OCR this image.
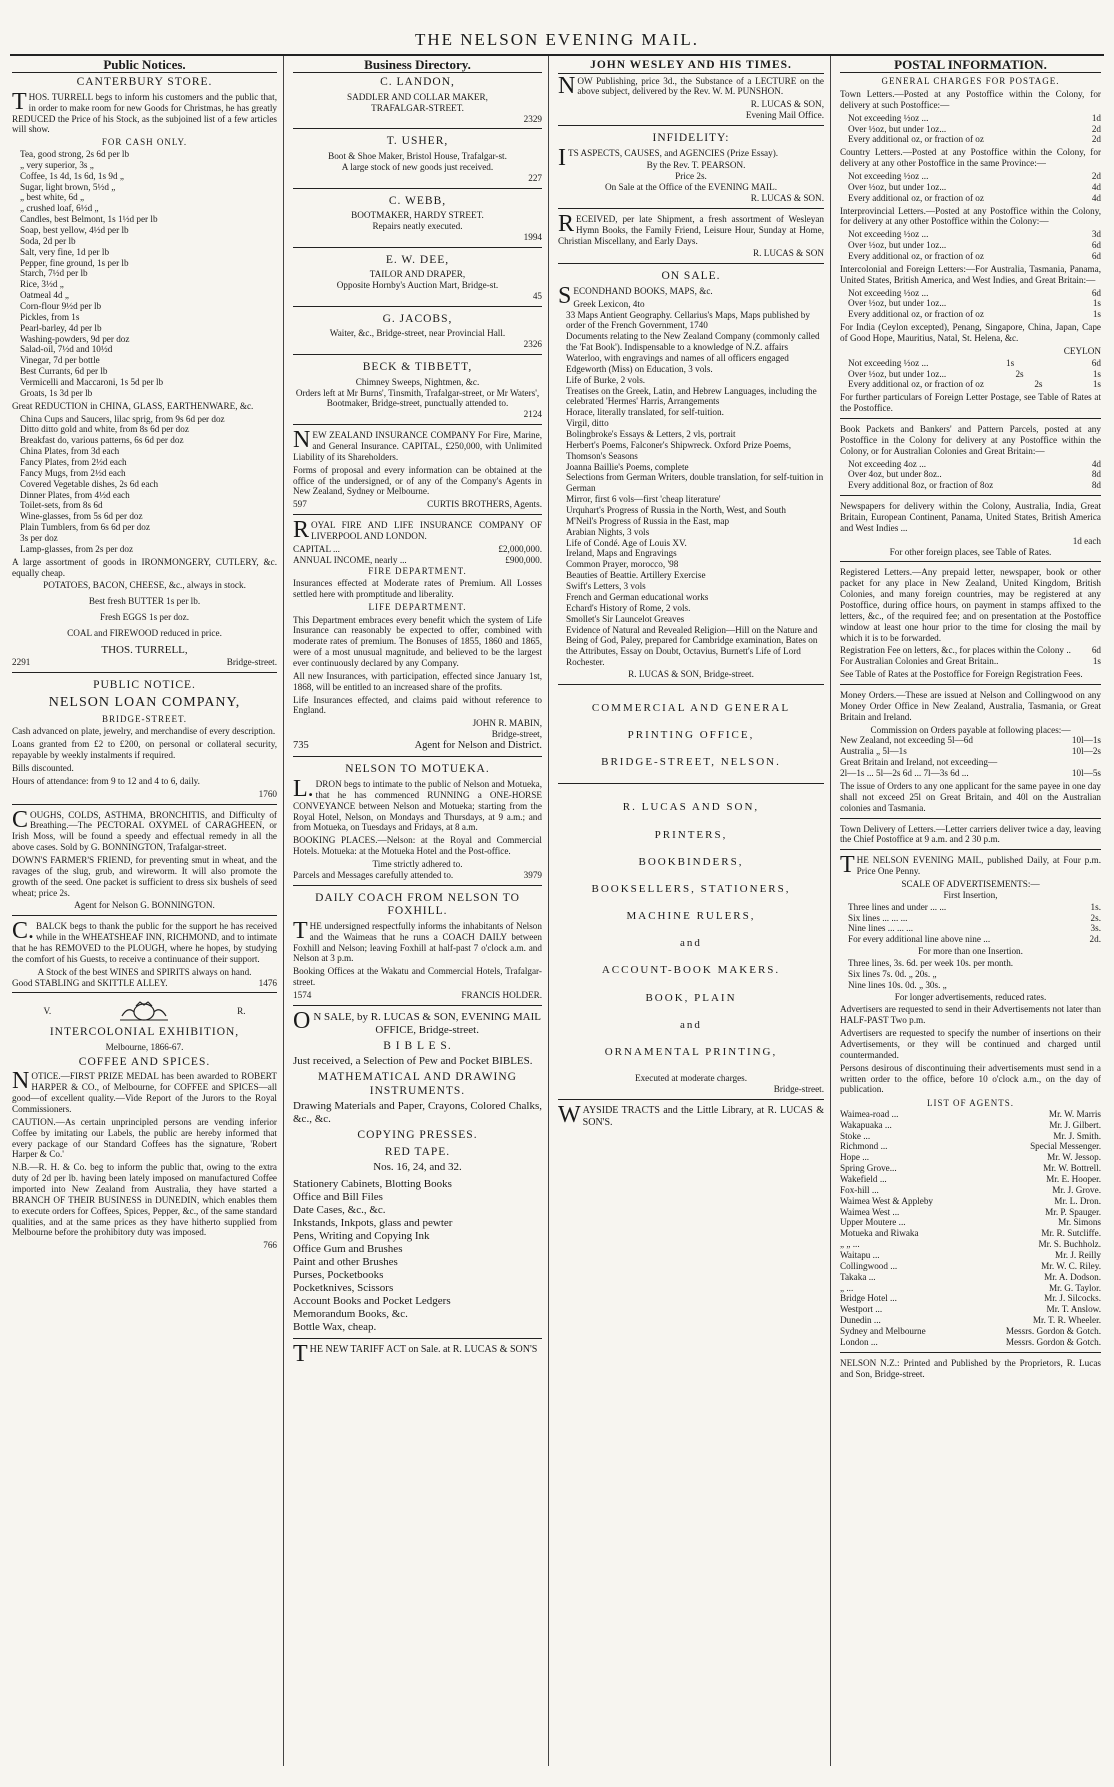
THE NELSON EVENING MAIL.
Public Notices.
CANTERBURY STORE.

THOS. TURRELL begs to inform his customers and the public that, in order to make room for new Goods for Christmas, he has greatly REDUCED the Price of his Stock, as the subjoined list of a few articles will show.

FOR CASH ONLY.
Tea, good strong, 2s 6d per lb
„ very superior, 3s „
Coffee, 1s 4d, 1s 6d, 1s 9d „
Sugar, light brown, 5½d „
„ best white, 6d „
„ crushed loaf, 6½d „
Candles, best Belmont, 1s 1½d per lb
Soap, best yellow, 4½d per lb
Soda, 2d per lb
Salt, very fine, 1d per lb
Pepper, fine ground, 1s per lb
Starch, 7½d per lb
Rice, 3½d „
Oatmeal 4d „
Corn-flour 9½d per lb
Pickles, from 1s
Pearl-barley, 4d per lb
Washing-powders, 9d per doz
Salad-oil, 7½d and 10½d
Vinegar, 7d per bottle
Best Currants, 6d per lb
Vermicelli and Maccaroni, 1s 5d per lb
Groats, 1s 3d per lb

Great REDUCTION in CHINA, GLASS, EARTHENWARE, &c.

China Cups and Saucers, lilac sprig, from 9s 6d per doz
Ditto ditto gold and white, from 8s 6d per doz
Breakfast do, various patterns, 6s 6d per doz
China Plates, from 3d each
Fancy Plates, from 2½d each
Fancy Mugs, from 2½d each
Covered Vegetable dishes, 2s 6d each
Dinner Plates, from 4½d each
Toilet-sets, from 8s 6d
Wine-glasses, from 5s 6d per doz
Plain Tumblers, from 6s 6d per doz
3s per doz
Lamp-glasses, from 2s per doz

A large assortment of goods in IRONMONGERY, CUTLERY, &c. equally cheap.

POTATOES, BACON, CHEESE, &c., always in stock.
Best fresh BUTTER 1s per lb.
Fresh EGGS 1s per doz.
COAL and FIREWOOD reduced in price.
THOS. TURRELL,
2291	Bridge-street.
PUBLIC NOTICE.
NELSON LOAN COMPANY,
BRIDGE-STREET.

Cash advanced on plate, jewelry, and merchandise of every description.

Loans granted from £2 to £200, on personal or collateral security, repayable by weekly instalments if required.

Bills discounted.

Hours of attendance: from 9 to 12 and 4 to 6, daily.

1760

COUGHS, COLDS, ASTHMA, BRONCHITIS, and Difficulty of Breathing.—The PECTORAL OXYMEL of CARAGHEEN, or Irish Moss, will be found a speedy and effectual remedy in all the above cases. Sold by G. BONNINGTON, Trafalgar-street.

DOWN'S FARMER'S FRIEND, for preventing smut in wheat, and the ravages of the slug, grub, and wireworm. It will also promote the growth of the seed. One packet is sufficient to dress six bushels of seed wheat; price 2s.

Agent for Nelson G. BONNINGTON.

C.BALCK begs to thank the public for the support he has received while in the WHEATSHEAF INN, RICHMOND, and to intimate that he has REMOVED to the PLOUGH, where he hopes, by studying the comfort of his Guests, to receive a continuance of their support.

A Stock of the best WINES and SPIRITS always on hand.
Good STABLING and SKITTLE ALLEY.	1476
V.	R.
INTERCOLONIAL EXHIBITION,
Melbourne, 1866-67.
COFFEE AND SPICES.

NOTICE.—FIRST PRIZE MEDAL has been awarded to ROBERT HARPER & CO., of Melbourne, for COFFEE and SPICES—all good—of excellent quality.—Vide Report of the Jurors to the Royal Commissioners.

CAUTION.—As certain unprincipled persons are vending inferior Coffee by imitating our Labels, the public are hereby informed that every package of our Standard Coffees has the signature, 'Robert Harper & Co.'

N.B.—R. H. & Co. beg to inform the public that, owing to the extra duty of 2d per lb. having been lately imposed on manufactured Coffee imported into New Zealand from Australia, they have started a BRANCH OF THEIR BUSINESS in DUNEDIN, which enables them to execute orders for Coffees, Spices, Pepper, &c., of the same standard qualities, and at the same prices as they have hitherto supplied from Melbourne before the prohibitory duty was imposed.

766
Business Directory.
C. LANDON,
SADDLER AND COLLAR MAKER,
TRAFALGAR-STREET.
2329
T. USHER,
Boot & Shoe Maker, Bristol House, Trafalgar-st.
A large stock of new goods just received.
227
C. WEBB,
BOOTMAKER, HARDY STREET.
Repairs neatly executed.
1994
E. W. DEE,
TAILOR AND DRAPER,
Opposite Hornby's Auction Mart, Bridge-st.
45
G. JACOBS,
Waiter, &c., Bridge-street, near Provincial Hall.
2326
BECK & TIBBETT,
Chimney Sweeps, Nightmen, &c.
Orders left at Mr Burns', Tinsmith, Trafalgar-street, or Mr Waters', Bootmaker, Bridge-street, punctually attended to.
2124

NEW ZEALAND INSURANCE COMPANY For Fire, Marine, and General Insurance. CAPITAL, £250,000, with Unlimited Liability of its Shareholders.

Forms of proposal and every information can be obtained at the office of the undersigned, or of any of the Company's Agents in New Zealand, Sydney or Melbourne.

597	CURTIS BROTHERS, Agents.

ROYAL FIRE AND LIFE INSURANCE COMPANY OF LIVERPOOL AND LONDON.

CAPITAL ...	£2,000,000.
ANNUAL INCOME, nearly ...	£900,000.
FIRE DEPARTMENT.

Insurances effected at Moderate rates of Premium. All Losses settled here with promptitude and liberality.

LIFE DEPARTMENT.

This Department embraces every benefit which the system of Life Insurance can reasonably be expected to offer, combined with moderate rates of premium. The Bonuses of 1855, 1860 and 1865, were of a most unusual magnitude, and believed to be the largest ever continuously declared by any Company.

All new Insurances, with participation, effected since January 1st, 1868, will be entitled to an increased share of the profits.

Life Insurances effected, and claims paid without reference to England.

JOHN R. MABIN,
Bridge-street,
735	Agent for Nelson and District.
NELSON TO MOTUEKA.

L.DRON begs to intimate to the public of Nelson and Motueka, that he has commenced RUNNING a ONE-HORSE CONVEYANCE between Nelson and Motueka; starting from the Royal Hotel, Nelson, on Mondays and Thursdays, at 9 a.m.; and from Motueka, on Tuesdays and Fridays, at 8 a.m.

BOOKING PLACES.—Nelson: at the Royal and Commercial Hotels. Motueka: at the Motueka Hotel and the Post-office.

Time strictly adhered to.
Parcels and Messages carefully attended to.	3979
DAILY COACH FROM NELSON TO FOXHILL.

THE undersigned respectfully informs the inhabitants of Nelson and the Waimeas that he runs a COACH DAILY between Foxhill and Nelson; leaving Foxhill at half-past 7 o'clock a.m. and Nelson at 3 p.m.

Booking Offices at the Wakatu and Commercial Hotels, Trafalgar-street.

1574	FRANCIS HOLDER.

ON SALE, by R. LUCAS & SON, EVENING MAIL OFFICE, Bridge-street.

B I B L E S.

Just received, a Selection of Pew and Pocket BIBLES.

MATHEMATICAL AND DRAWING INSTRUMENTS.

Drawing Materials and Paper, Crayons, Colored Chalks, &c., &c.

COPYING PRESSES.
RED TAPE.
Nos. 16, 24, and 32.
Stationery Cabinets, Blotting Books
Office and Bill Files
Date Cases, &c., &c.
Inkstands, Inkpots, glass and pewter
Pens, Writing and Copying Ink
Office Gum and Brushes
Paint and other Brushes
Purses, Pocketbooks
Pocketknives, Scissors
Account Books and Pocket Ledgers
Memorandum Books, &c.
Bottle Wax, cheap.

THE NEW TARIFF ACT on Sale. at R. LUCAS & SON'S

JOHN WESLEY AND HIS TIMES.

NOW Publishing, price 3d., the Substance of a LECTURE on the above subject, delivered by the Rev. W. M. PUNSHON.

R. LUCAS & SON,
Evening Mail Office.
INFIDELITY:

ITS ASPECTS, CAUSES, and AGENCIES (Prize Essay).

By the Rev. T. PEARSON.
Price 2s.
On Sale at the Office of the EVENING MAIL.
R. LUCAS & SON.

RECEIVED, per late Shipment, a fresh assortment of Wesleyan Hymn Books, the Family Friend, Leisure Hour, Sunday at Home, Christian Miscellany, and Early Days.

R. LUCAS & SON
ON SALE.

SECONDHAND BOOKS, MAPS, &c.

Greek Lexicon, 4to
33 Maps Antient Geography. Cellarius's Maps, Maps published by order of the French Government, 1740
Documents relating to the New Zealand Company (commonly called the 'Fat Book'). Indispensable to a knowledge of N.Z. affairs
Waterloo, with engravings and names of all officers engaged
Edgeworth (Miss) on Education, 3 vols.
Life of Burke, 2 vols.
Treatises on the Greek, Latin, and Hebrew Languages, including the celebrated 'Hermes' Harris, Arrangements
Horace, literally translated, for self-tuition.
Virgil, ditto
Bolingbroke's Essays & Letters, 2 vls, portrait
Herbert's Poems, Falconer's Shipwreck. Oxford Prize Poems, Thomson's Seasons
Joanna Baillie's Poems, complete
Selections from German Writers, double translation, for self-tuition in German
Mirror, first 6 vols—first 'cheap literature'
Urquhart's Progress of Russia in the North, West, and South
M'Neil's Progress of Russia in the East, map
Arabian Nights, 3 vols
Life of Condé. Age of Louis XV.
Ireland, Maps and Engravings
Common Prayer, morocco, '98
Beauties of Beattie. Artillery Exercise
Swift's Letters, 3 vols
French and German educational works
Echard's History of Rome, 2 vols.
Smollet's Sir Launcelot Greaves
Evidence of Natural and Revealed Religion—Hill on the Nature and Being of God, Paley, prepared for Cambridge examination, Bates on the Attributes, Essay on Doubt, Octavius, Burnett's Life of Lord Rochester.
R. LUCAS & SON, Bridge-street.
COMMERCIAL AND GENERAL
PRINTING OFFICE,
BRIDGE-STREET, NELSON.
R. LUCAS AND SON,
PRINTERS,
BOOKBINDERS,
BOOKSELLERS, STATIONERS,
MACHINE RULERS,
and
ACCOUNT-BOOK MAKERS.
BOOK, PLAIN
and
ORNAMENTAL PRINTING,
Executed at moderate charges.
Bridge-street.

WAYSIDE TRACTS and the Little Library, at R. LUCAS & SON'S.

POSTAL INFORMATION.
GENERAL CHARGES FOR POSTAGE.

Town Letters.—Posted at any Postoffice within the Colony, for delivery at such Postoffice:—

Not exceeding ½oz ...	1d
Over ½oz, but under 1oz...	2d
Every additional oz, or fraction of oz	2d

Country Letters.—Posted at any Postoffice within the Colony, for delivery at any other Postoffice in the same Province:—

Not exceeding ½oz ...	2d
Over ½oz, but under 1oz...	4d
Every additional oz, or fraction of oz	4d

Interprovincial Letters.—Posted at any Postoffice within the Colony, for delivery at any other Postoffice within the Colony:—

Not exceeding ½oz ...	3d
Over ½oz, but under 1oz...	6d
Every additional oz, or fraction of oz	6d

Intercolonial and Foreign Letters:—For Australia, Tasmania, Panama, United States, British America, and West Indies, and Great Britain:—

Not exceeding ½oz ...	6d
Over ½oz, but under 1oz...	1s
Every additional oz, or fraction of oz	1s

For India (Ceylon excepted), Penang, Singapore, China, Japan, Cape of Good Hope, Mauritius, Natal, St. Helena, &c.

CEYLON
Not exceeding ½oz ...	1s	6d
Over ½oz, but under 1oz...	2s	1s
Every additional oz, or fraction of oz	2s	1s

For further particulars of Foreign Letter Postage, see Table of Rates at the Postoffice.

Book Packets and Bankers' and Pattern Parcels, posted at any Postoffice in the Colony for delivery at any Postoffice within the Colony, or for Australian Colonies and Great Britain:—

Not exceeding 4oz ...	4d
Over 4oz, but under 8oz..	8d
Every additional 8oz, or fraction of 8oz	8d

Newspapers for delivery within the Colony, Australia, India, Great Britain, European Continent, Panama, United States, British America and West Indies ...

1d each
For other foreign places, see Table of Rates.

Registered Letters.—Any prepaid letter, newspaper, book or other packet for any place in New Zealand, United Kingdom, British Colonies, and many foreign countries, may be registered at any Postoffice, during office hours, on payment in stamps affixed to the letters, &c., of the required fee; and on presentation at the Postoffice window at least one hour prior to the time for closing the mail by which it is to be forwarded.

Registration Fee on letters, &c., for places within the Colony .. 6d
For Australian Colonies and Great Britain..	1s

See Table of Rates at the Postoffice for Foreign Registration Fees.

Money Orders.—These are issued at Nelson and Collingwood on any Money Order Office in New Zealand, Australia, Tasmania, or Great Britain and Ireland.

Commission on Orders payable at following places:—
New Zealand, not exceeding 5l—6d	10l—1s
Australia „ 5l—1s	10l—2s
Great Britain and Ireland, not exceeding—
2l—1s ... 5l—2s 6d ... 7l—3s 6d ...	10l—5s

The issue of Orders to any one applicant for the same payee in one day shall not exceed 25l on Great Britain, and 40l on the Australian colonies and Tasmania.

Town Delivery of Letters.—Letter carriers deliver twice a day, leaving the Chief Postoffice at 9 a.m. and 2 30 p.m.

THE NELSON EVENING MAIL, published Daily, at Four p.m. Price One Penny.

SCALE OF ADVERTISEMENTS:—
First Insertion,
Three lines and under ... ...	1s.
Six lines ... ... ...	2s.
Nine lines ... ... ...	3s.
For every additional line above nine ...	2d.
For more than one Insertion.
Three lines, 3s. 6d. per week 10s. per month.
Six lines 7s. 0d. „ 20s. „
Nine lines 10s. 0d. „ 30s. „
For longer advertisements, reduced rates.

Advertisers are requested to send in their Advertisements not later than HALF-PAST Two p.m.

Advertisers are requested to specify the number of insertions on their Advertisements, or they will be continued and charged until countermanded.

Persons desirous of discontinuing their advertisements must send in a written order to the office, before 10 o'clock a.m., on the day of publication.

LIST OF AGENTS.
Waimea-road ...	Mr. W. Marris
Wakapuaka ...	Mr. J. Gilbert.
Stoke ...	Mr. J. Smith.
Richmond ...	Special Messenger.
Hope ...	Mr. W. Jessop.
Spring Grove...	Mr. W. Bottrell.
Wakefield ...	Mr. E. Hooper.
Fox-hill ...	Mr. J. Grove.
Waimea West & Appleby	Mr. L. Dron.
Waimea West ...	Mr. P. Spauger.
Upper Moutere ...	Mr. Simons
Motueka and Riwaka	Mr. R. Sutcliffe.
„ „ ...	Mr. S. Buchholz.
Waitapu ...	Mr. J. Reilly
Collingwood ...	Mr. W. C. Riley.
Takaka ...	Mr. A. Dodson.
„ ...	Mr. G. Taylor.
Bridge Hotel ...	Mr. J. Silcocks.
Westport ...	Mr. T. Anslow.
Dunedin ...	Mr. T. R. Wheeler.
Sydney and Melbourne	Messrs. Gordon & Gotch.
London ...	Messrs. Gordon & Gotch.

NELSON N.Z.: Printed and Published by the Proprietors, R. Lucas and Son, Bridge-street.
